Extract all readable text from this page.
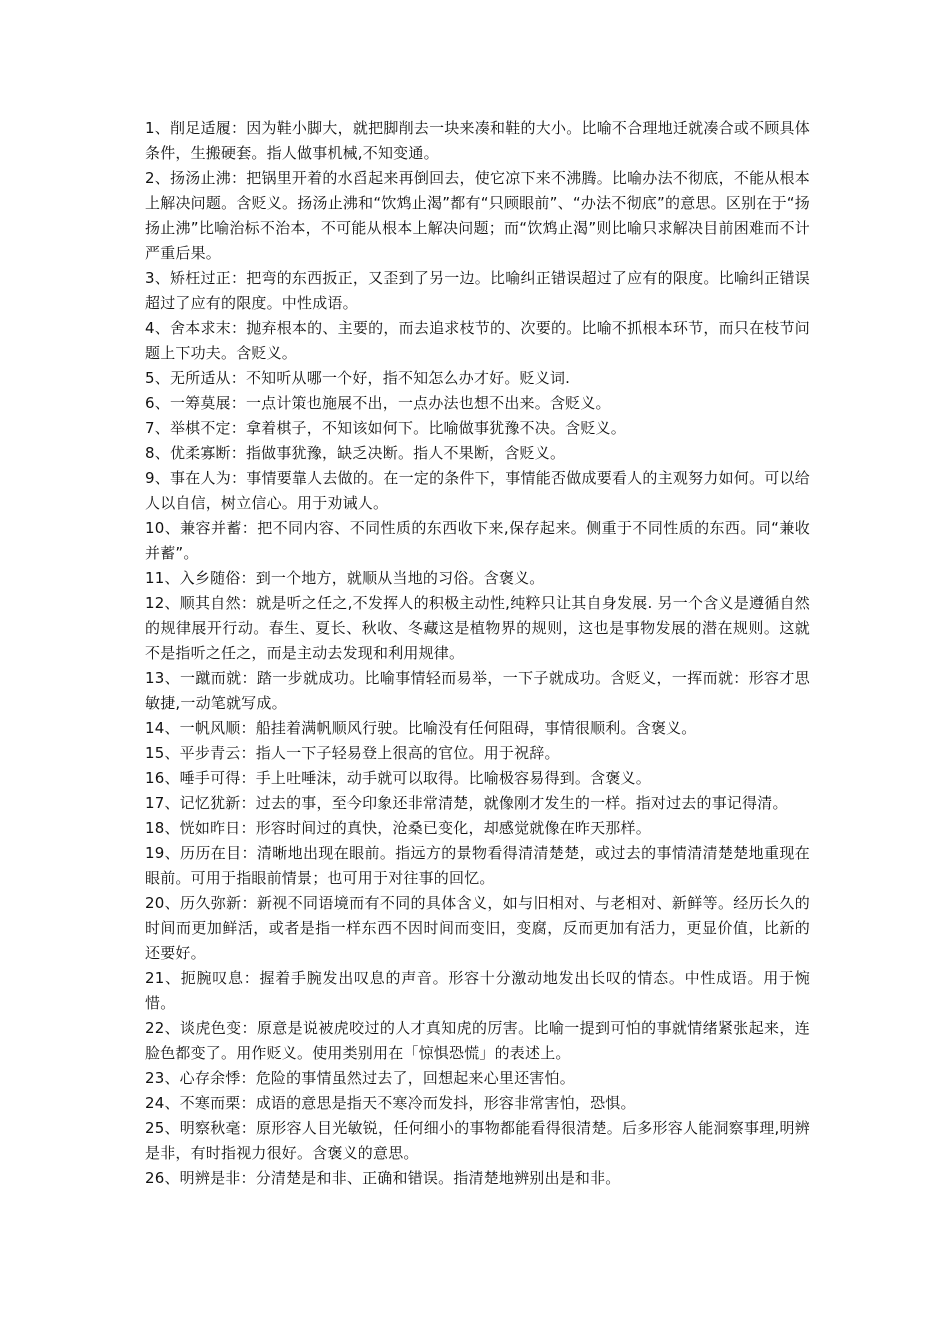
1、削足适履：因为鞋小脚大，就把脚削去一块来凑和鞋的大小。比喻不合理地迁就凑合或不顾具体条件，生搬硬套。指人做事机械,不知变通。

2、扬汤止沸：把锅里开着的水舀起来再倒回去，使它凉下来不沸腾。比喻办法不彻底，不能从根本上解决问题。含贬义。扬汤止沸和“饮鸩止渴”都有“只顾眼前”、“办法不彻底”的意思。区别在于“扬扬止沸”比喻治标不治本，不可能从根本上解决问题；而“饮鸩止渴”则比喻只求解决目前困难而不计严重后果。

3、矫枉过正：把弯的东西扳正，又歪到了另一边。比喻纠正错误超过了应有的限度。比喻纠正错误超过了应有的限度。中性成语。

4、舍本求末：抛弃根本的、主要的，而去追求枝节的、次要的。比喻不抓根本环节，而只在枝节问题上下功夫。含贬义。

5、无所适从：不知听从哪一个好，指不知怎么办才好。贬义词.

6、一筹莫展：一点计策也施展不出，一点办法也想不出来。含贬义。

7、举棋不定：拿着棋子，不知该如何下。比喻做事犹豫不决。含贬义。

8、优柔寡断：指做事犹豫，缺乏决断。指人不果断，含贬义。

9、事在人为：事情要靠人去做的。在一定的条件下，事情能否做成要看人的主观努力如何。可以给人以自信，树立信心。用于劝诫人。

10、兼容并蓄：把不同内容、不同性质的东西收下来,保存起来。侧重于不同性质的东西。同“兼收并蓄”。

11、入乡随俗：到一个地方，就顺从当地的习俗。含褒义。

12、顺其自然：就是听之任之,不发挥人的积极主动性,纯粹只让其自身发展. 另一个含义是遵循自然的规律展开行动。春生、夏长、秋收、冬藏这是植物界的规则，这也是事物发展的潜在规则。这就不是指听之任之，而是主动去发现和利用规律。

13、一蹴而就：踏一步就成功。比喻事情轻而易举，一下子就成功。含贬义，一挥而就：形容才思敏捷,一动笔就写成。

14、一帆风顺：船挂着满帆顺风行驶。比喻没有任何阻碍，事情很顺利。含褒义。

15、平步青云：指人一下子轻易登上很高的官位。用于祝辞。

16、唾手可得：手上吐唾沫，动手就可以取得。比喻极容易得到。含褒义。

17、记忆犹新：过去的事，至今印象还非常清楚，就像刚才发生的一样。指对过去的事记得清。

18、恍如昨日：形容时间过的真快，沧桑已变化，却感觉就像在昨天那样。

19、历历在目：清晰地出现在眼前。指远方的景物看得清清楚楚，或过去的事情清清楚楚地重现在眼前。可用于指眼前情景；也可用于对往事的回忆。

20、历久弥新：新视不同语境而有不同的具体含义，如与旧相对、与老相对、新鲜等。经历长久的时间而更加鲜活，或者是指一样东西不因时间而变旧，变腐，反而更加有活力，更显价值，比新的还要好。

21、扼腕叹息：握着手腕发出叹息的声音。形容十分激动地发出长叹的情态。中性成语。用于惋惜。

22、谈虎色变：原意是说被虎咬过的人才真知虎的厉害。比喻一提到可怕的事就情绪紧张起来，连脸色都变了。用作贬义。使用类别用在「惊惧恐慌」的表述上。

23、心存余悸：危险的事情虽然过去了，回想起来心里还害怕。

24、不寒而栗：成语的意思是指天不寒冷而发抖，形容非常害怕，恐惧。

25、明察秋毫：原形容人目光敏锐，任何细小的事物都能看得很清楚。后多形容人能洞察事理,明辨是非，有时指视力很好。含褒义的意思。

26、明辨是非：分清楚是和非、正确和错误。指清楚地辨别出是和非。
